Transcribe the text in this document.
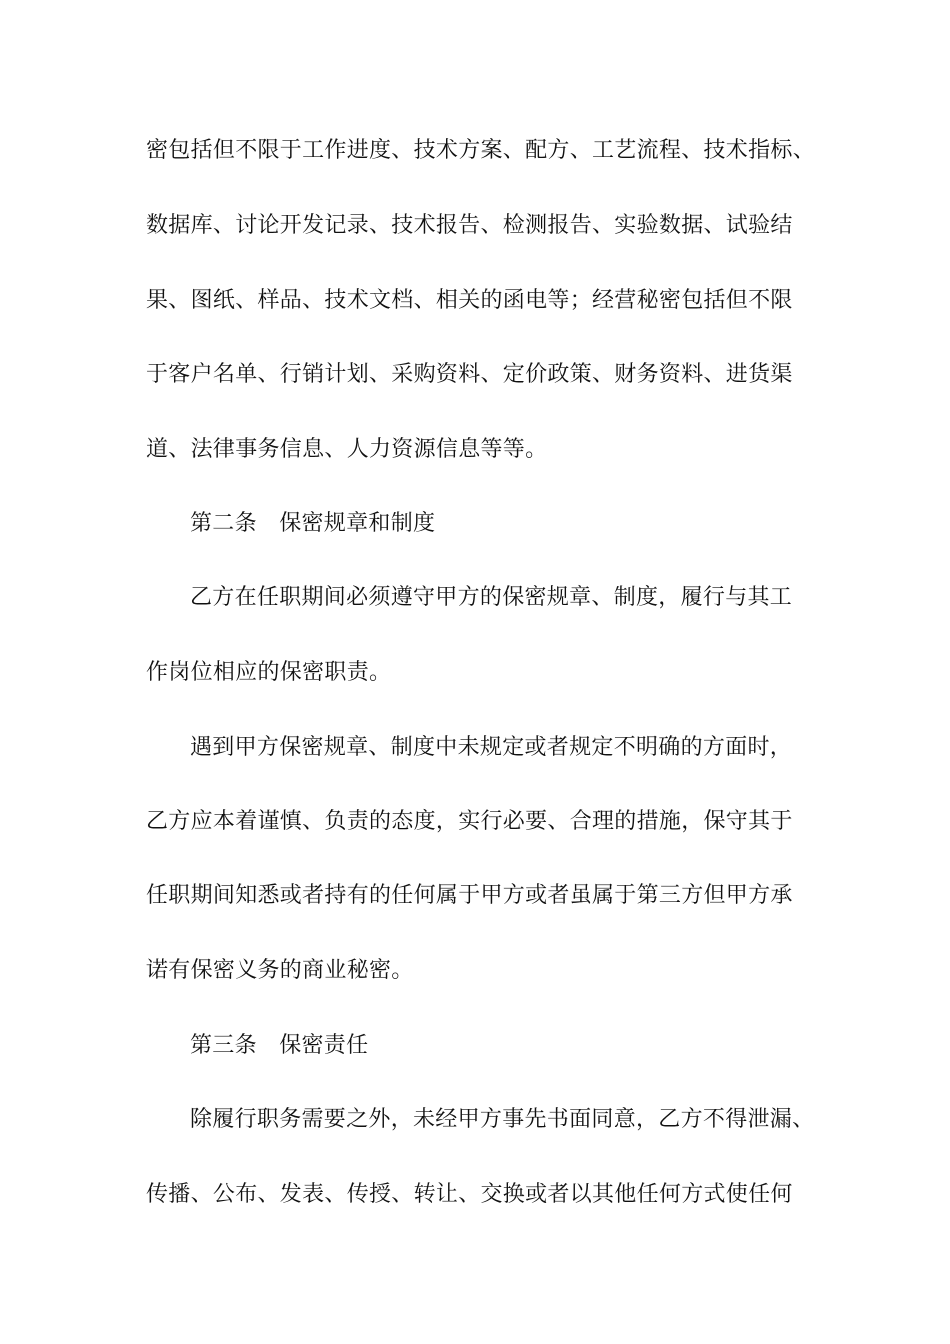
密包括但不限于工作进度、技术方案、配方、工艺流程、技术指标、
数据库、讨论开发记录、技术报告、检测报告、实验数据、试验结
果、图纸、样品、技术文档、相关的函电等；经营秘密包括但不限
于客户名单、行销计划、采购资料、定价政策、财务资料、进货渠
道、法律事务信息、人力资源信息等等。
第二条　保密规章和制度
乙方在任职期间必须遵守甲方的保密规章、制度，履行与其工
作岗位相应的保密职责。
遇到甲方保密规章、制度中未规定或者规定不明确的方面时，
乙方应本着谨慎、负责的态度，实行必要、合理的措施，保守其于
任职期间知悉或者持有的任何属于甲方或者虽属于第三方但甲方承
诺有保密义务的商业秘密。
第三条　保密责任
除履行职务需要之外，未经甲方事先书面同意，乙方不得泄漏、
传播、公布、发表、传授、转让、交换或者以其他任何方式使任何
